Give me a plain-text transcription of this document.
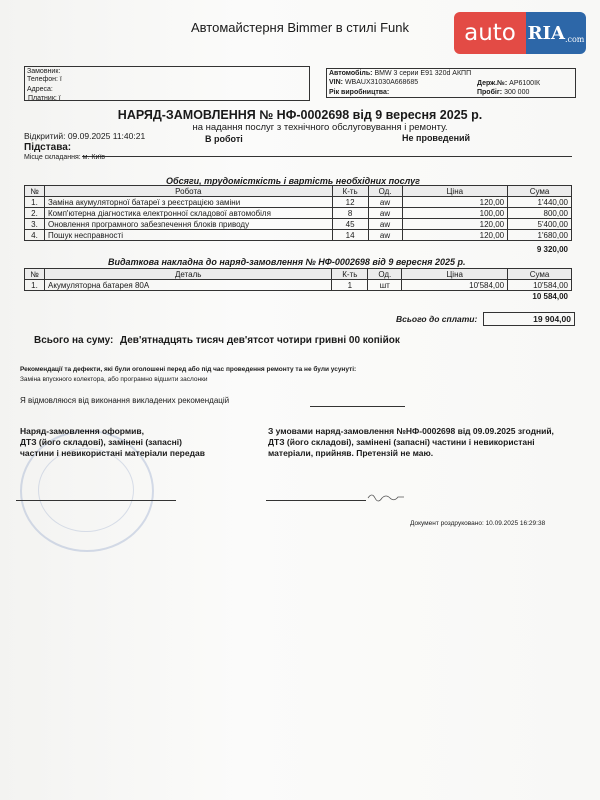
auto RIA .com
Автомайстерня Bimmer в стилі Funk
Замовник:
Телефон: ї
Адреса:
Платник: ї
Автомобіль: BMW 3 серии E91 320d АКПП
VIN: WBAUX31030A668685	Держ.№: АР6100ІК
Рік виробництва:	Пробіг: 300 000
НАРЯД-ЗАМОВЛЕННЯ № НФ-0002698 від 9 вересня 2025 р.
на надання послуг з технічного обслуговування і ремонту.
Відкритий: 09.09.2025 11:40:21	В роботі	Не проведений
Підстава:
Місце складання: м. Київ
Обсяги, трудомісткість і вартість необхідних послуг
№	Робота	К-ть	Од.	Ціна	Сума
1.	Заміна акумуляторної батареї з реєстрацією заміни	12	aw	120,00	1'440,00
2.	Комп'ютерна діагностика електронної складової автомобіля	8	aw	100,00	800,00
3.	Оновлення програмного забезпечення блоків приводу	45	aw	120,00	5'400,00
4.	Пошук несправності	14	aw	120,00	1'680,00
9 320,00
Видаткова накладна до наряд-замовлення № НФ-0002698 від 9 вересня 2025 р.
№	Деталь	К-ть	Од.	Ціна	Сума
1.	Акумуляторна батарея 80А	1	шт	10'584,00	10'584,00
10 584,00
Всього до сплати:	19 904,00
Всього на суму: Дев'ятнадцять тисяч дев'ятсот чотири гривні 00 копійок
Рекомендації та дефекти, які були оголошені перед або під час проведення ремонту та не були усунуті:
Заміна впускного колектора, або програмно відшити заслонки
Я відмовляюся від виконання викладених рекомендацій
Наряд-замовлення оформив,
ДТЗ (його складові), замінені (запасні)
частини і невикористані матеріали передав
З умовами наряд-замовлення №НФ-0002698 від 09.09.2025 згодний,
ДТЗ (його складові), замінені (запасні) частини і невикористані
матеріали, прийняв. Претензій не маю.
Документ роздруковано: 10.09.2025 16:29:38
